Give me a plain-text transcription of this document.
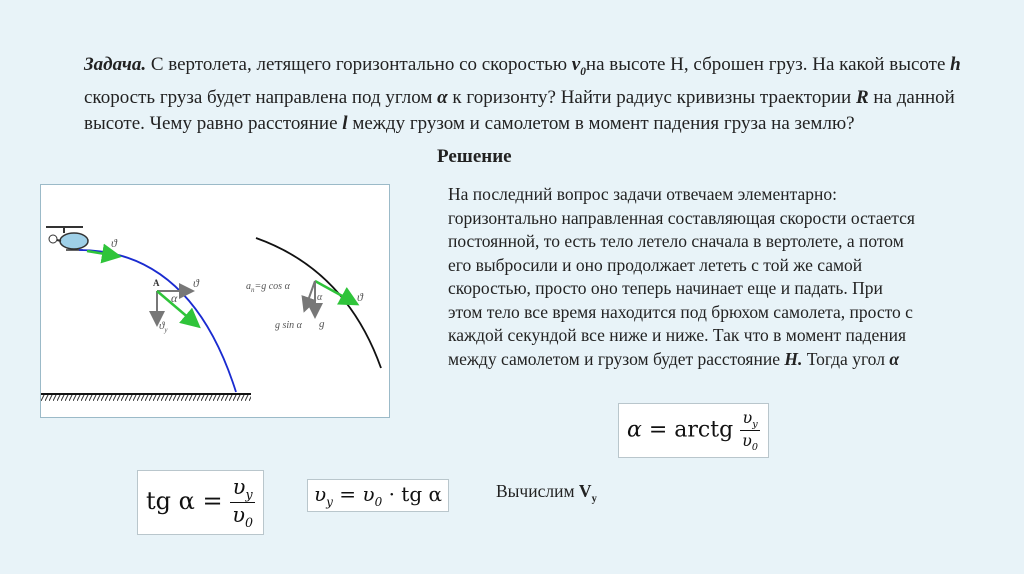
Задача. С вертолета, летящего горизонтально со скоростью $v_0на$ высоте H, сброшен груз. На какой высоте h скорость груза будет направлена под углом α к горизонту? Найти радиус кривизны траектории R на данной высоте. Чему равно расстояние l между грузом и самолетом в момент падения груза на землю?
Решение
ϑ
A	ϑ
α
$ϑ_y$
ϑ
α
g
g sin α
$a_n=g$ cos α
На последний вопрос задачи отвечаем элементарно: горизонтально направленная составляющая скорости остается постоянной, то есть тело летело сначала в вертолете, а потом его выбросили и оно продолжает лететь с той же самой скоростью, просто оно теперь начинает еще и падать. При этом тело все время находится под брюхом самолета, просто с каждой секундой все ниже и ниже. Так что в момент падения между самолетом и грузом будет расстояние H. Тогда угол α
α = arctg $\frac{\upsilon_y}{\upsilon_0}$
tg $\alpha = \frac{\upsilon_y}{\upsilon_0}$	$\upsilon_y = \upsilon_0$ · tg α	Вычислим $V_y$
